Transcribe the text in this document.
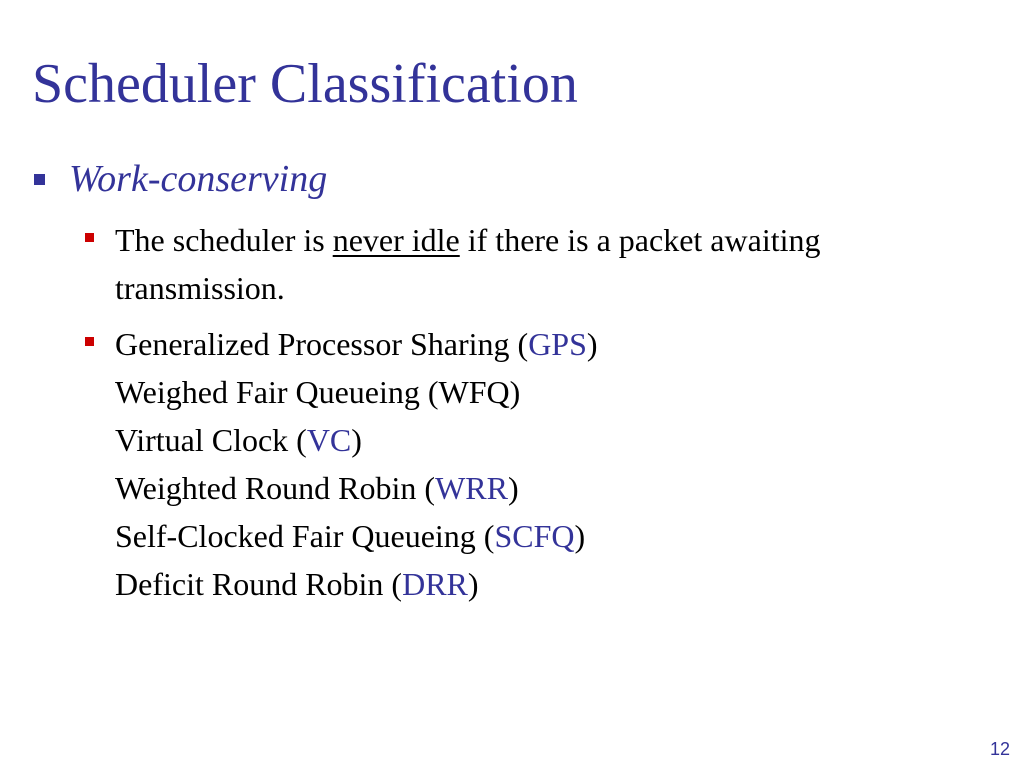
Scheduler Classification
Work-conserving
The scheduler is never idle if there is a packet awaiting
transmission.
Generalized Processor Sharing (GPS)
Weighed Fair Queueing (WFQ)
Virtual Clock (VC)
Weighted Round Robin (WRR)
Self-Clocked Fair Queueing (SCFQ)
Deficit Round Robin (DRR)
12
